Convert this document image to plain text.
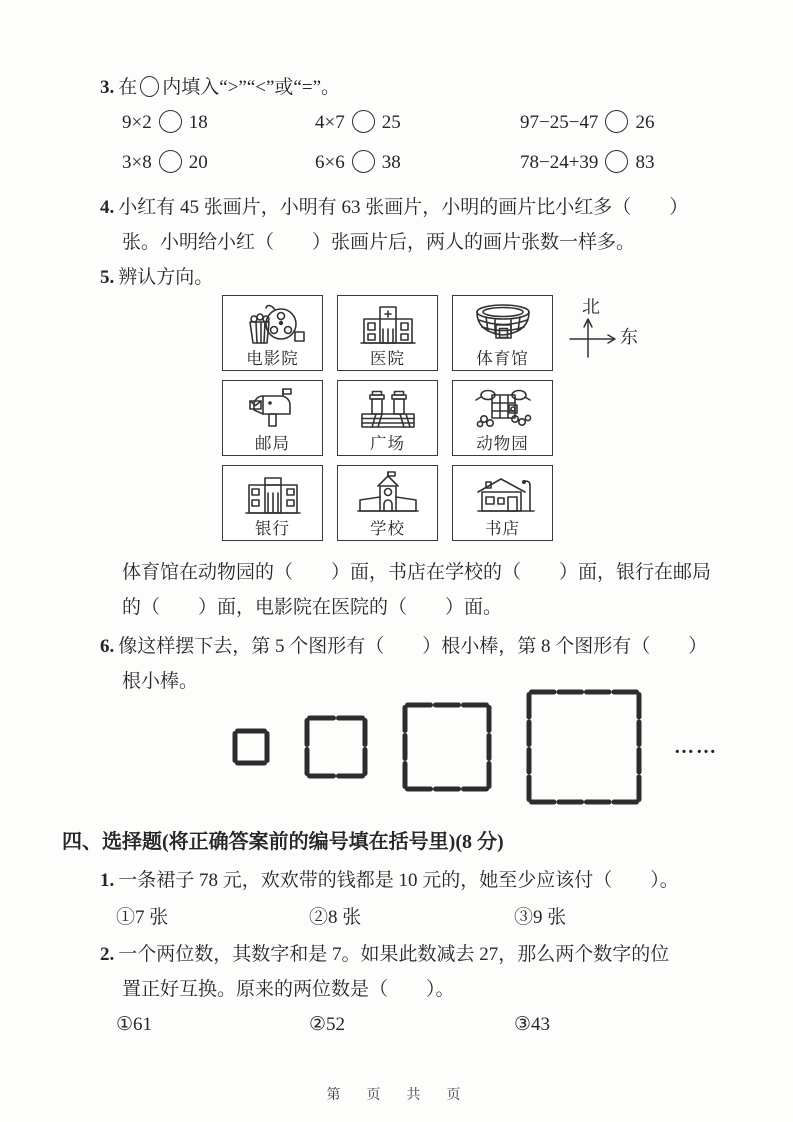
3. 在 内填入“>”“<”或“=”。
9×2 18	4×7 25	97−25−47 26
3×8 20	6×6 38	78−24+39 83
4. 小红有 45 张画片，小明有 63 张画片，小明的画片比小红多（　　）
张。小明给小红（　　）张画片后，两人的画片张数一样多。
5. 辨认方向。
电影院	医院	体育馆
邮局	广场	动物园
银行	学校	书店
北
东
体育馆在动物园的（　　）面，书店在学校的（　　）面，银行在邮局
的（　　）面，电影院在医院的（　　）面。
6. 像这样摆下去，第 5 个图形有（　　）根小棒，第 8 个图形有（　　）
根小棒。
……
四、选择题(将正确答案前的编号填在括号里)(8 分)
1. 一条裙子 78 元，欢欢带的钱都是 10 元的，她至少应该付（　　）。
①7 张	②8 张	③9 张
2. 一个两位数，其数字和是 7。如果此数减去 27，那么两个数字的位
置正好互换。原来的两位数是（　　）。
①61	②52	③43
第　页　共　页
